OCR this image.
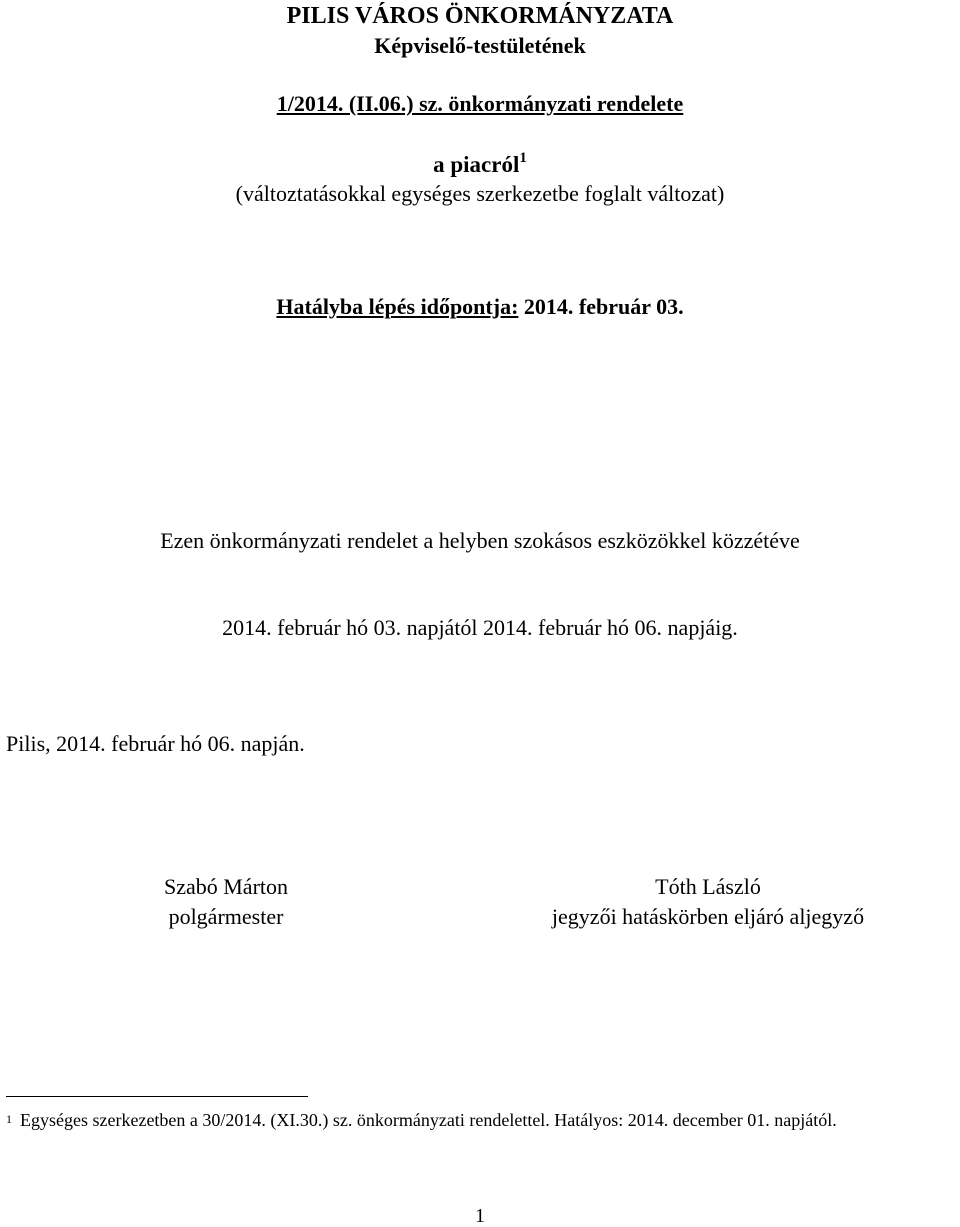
PILIS VÁROS ÖNKORMÁNYZATA
Képviselő-testületének
1/2014. (II.06.) sz. önkormányzati rendelete
a piacról$^1$
(változtatásokkal egységes szerkezetbe foglalt változat)
Hatályba lépés időpontja: 2014. február 03.
Ezen önkormányzati rendelet a helyben szokásos eszközökkel közzétéve
2014. február hó 03. napjától 2014. február hó 06. napjáig.
Pilis, 2014. február hó 06. napján.
Szabó Márton
polgármester
Tóth László
jegyzői hatáskörben eljáró aljegyző
$^1$ Egységes szerkezetben a 30/2014. (XI.30.) sz. önkormányzati rendelettel. Hatályos: 2014. december 01. napjától.
1
